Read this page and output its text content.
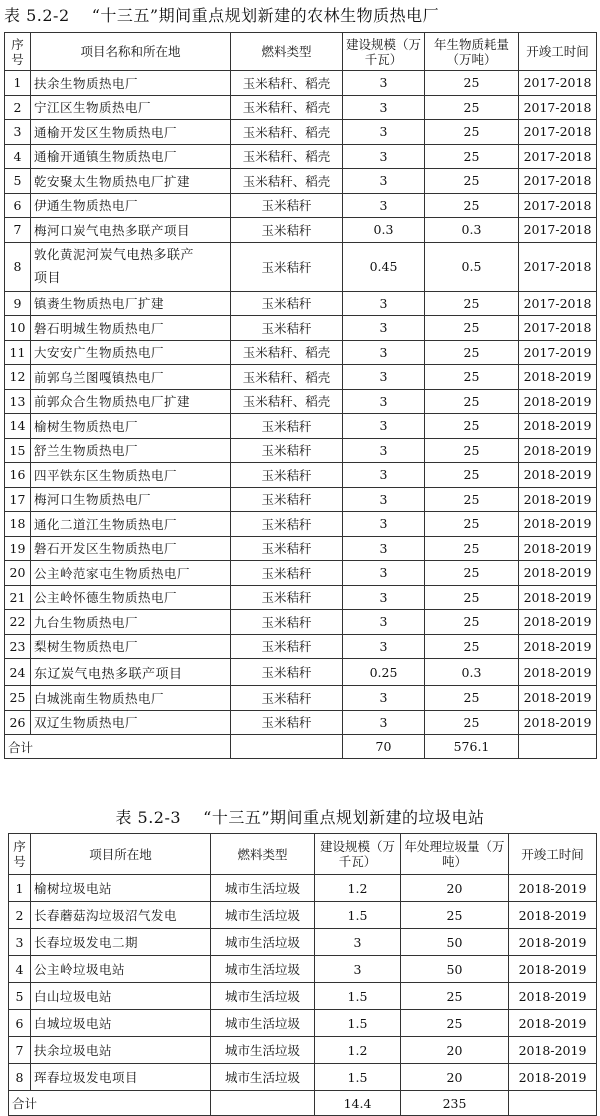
表 5.2-2　 “十三五”期间重点规划新建的农林生物质热电厂
序号	项目名称和所在地	燃料类型	建设规模（万千瓦）	年生物质耗量（万吨）	开竣工时间
1	扶余生物质热电厂	玉米秸秆、稻壳	3	25	2017-2018
2	宁江区生物质热电厂	玉米秸秆、稻壳	3	25	2017-2018
3	通榆开发区生物质热电厂	玉米秸秆、稻壳	3	25	2017-2018
4	通榆开通镇生物质热电厂	玉米秸秆、稻壳	3	25	2017-2018
5	乾安聚太生物质热电厂扩建	玉米秸秆、稻壳	3	25	2017-2018
6	伊通生物质热电厂	玉米秸秆	3	25	2017-2018
7	梅河口炭气电热多联产项目	玉米秸秆	0.3	0.3	2017-2018
8	敦化黄泥河炭气电热多联产
项目	玉米秸秆	0.45	0.5	2017-2018
9	镇赉生物质热电厂扩建	玉米秸秆	3	25	2017-2018
10	磐石明城生物质热电厂	玉米秸秆	3	25	2017-2018
11	大安安广生物质热电厂	玉米秸秆、稻壳	3	25	2017-2019
12	前郭乌兰图嘎镇热电厂	玉米秸秆、稻壳	3	25	2018-2019
13	前郭众合生物质热电厂扩建	玉米秸秆、稻壳	3	25	2018-2019
14	榆树生物质热电厂	玉米秸秆	3	25	2018-2019
15	舒兰生物质热电厂	玉米秸秆	3	25	2018-2019
16	四平铁东区生物质热电厂	玉米秸秆	3	25	2018-2019
17	梅河口生物质热电厂	玉米秸秆	3	25	2018-2019
18	通化二道江生物质热电厂	玉米秸秆	3	25	2018-2019
19	磐石开发区生物质热电厂	玉米秸秆	3	25	2018-2019
20	公主岭范家屯生物质热电厂	玉米秸秆	3	25	2018-2019
21	公主岭怀德生物质热电厂	玉米秸秆	3	25	2018-2019
22	九台生物质热电厂	玉米秸秆	3	25	2018-2019
23	梨树生物质热电厂	玉米秸秆	3	25	2018-2019
24	东辽炭气电热多联产项目	玉米秸秆	0.25	0.3	2018-2019
25	白城洮南生物质热电厂	玉米秸秆	3	25	2018-2019
26	双辽生物质热电厂	玉米秸秆	3	25	2018-2019
合计			70	576.1	
表 5.2-3　 “十三五”期间重点规划新建的垃圾电站
序号	项目所在地	燃料类型	建设规模（万千瓦）	年处理垃圾量（万吨）	开竣工时间
1	榆树垃圾电站	城市生活垃圾	1.2	20	2018-2019
2	长春蘑菇沟垃圾沼气发电	城市生活垃圾	1.5	25	2018-2019
3	长春垃圾发电二期	城市生活垃圾	3	50	2018-2019
4	公主岭垃圾电站	城市生活垃圾	3	50	2018-2019
5	白山垃圾电站	城市生活垃圾	1.5	25	2018-2019
6	白城垃圾电站	城市生活垃圾	1.5	25	2018-2019
7	扶余垃圾电站	城市生活垃圾	1.2	20	2018-2019
8	珲春垃圾发电项目	城市生活垃圾	1.5	20	2018-2019
合计			14.4	235	
